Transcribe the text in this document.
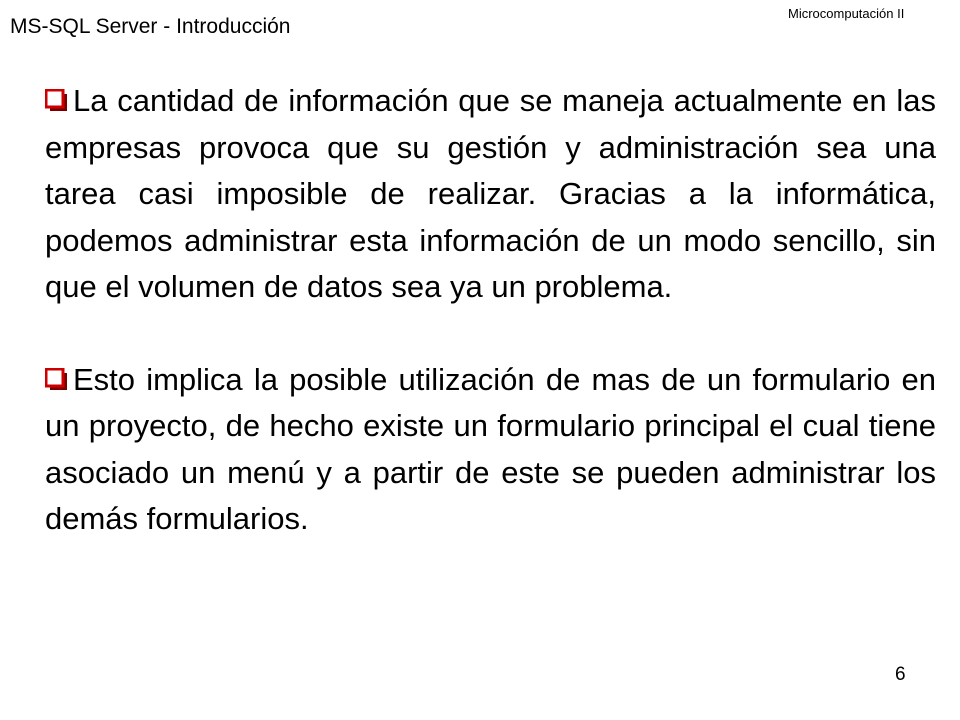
MS-SQL Server - Introducción
Microcomputación II

La cantidad de información que se maneja actualmente en las empresas provoca que su gestión y administración sea una tarea casi imposible de realizar. Gracias a la informática, podemos administrar esta información de un modo sencillo, sin que el volumen de datos sea ya un problema.

Esto implica la posible utilización de mas de un formulario en un proyecto, de hecho existe un formulario principal el cual tiene asociado un menú y a partir de este se pueden administrar los demás formularios.

6
